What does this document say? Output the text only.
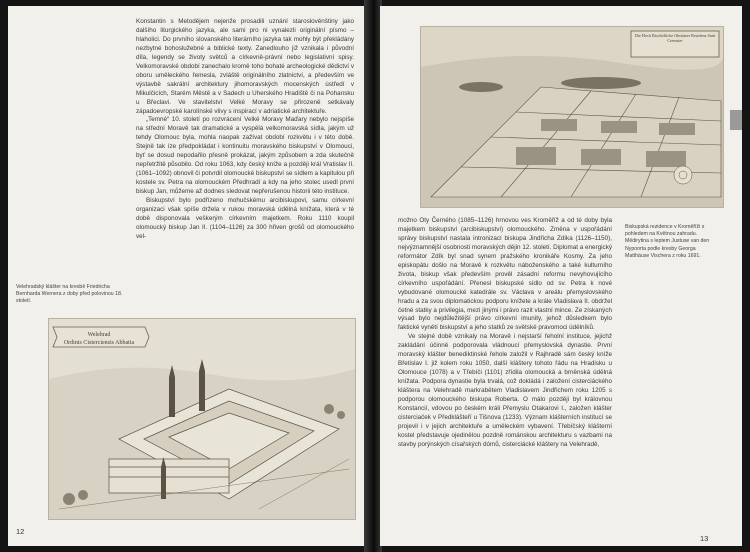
Konstantin s Metodějem nejenže prosadili uznání staroslověnštiny jako dalšího liturgického jazyka, ale sami pro ni vynalezli originální písmo – hlaholici. Do prvního slovanského literárního jazyka tak mohly být překládány nezbytné bohoslužebné a biblické texty. Zanedlouho již vznikala i původní díla, legendy se životy světců a církevně-právní nebo legislativní spisy. Velkomoravské období zanechalo kromě toho bohaté archeologické dědictví v oboru uměleckého řemesla, zvláště originálního zlatnictví, a především ve výstavbě sakrální architektury jihomoravských mocenských ústředí v Mikulčicích, Starém Městě a v Sadech u Uherského Hradiště či na Pohansku u Břeclavi. Ve stavitelství Velké Moravy se přirozeně setkávaly západoevropské karolínské vlivy s inspirací v adriatické architektuře.

„Temné“ 10. století po rozvrácení Velké Moravy Maďary nebylo nejspíše na střední Moravě tak dramatické a vyspělá velkomoravská sídla, jakým už tehdy Olomouc byla, mohla naopak zažívat období rozkvětu i v této době. Stejně tak íze předpokládat i kontinuitu moravského biskupství v Olomouci, byť se dosud nepodařilo přesně prokázat, jakým způsobem a zda skutečně nepřetržitě působilo. Od roku 1063, kdy český kníže a později král Vratislav II. (1061–1092) obnovil či potvrdil olomoucké biskupství se sídlem a kapitulou při kostele sv. Petra na olomouckém Předhradí a kdy na jeho stolec usedl první biskup Jan, můžeme až dodnes sledovat nepřerušenou historii této instituce.

Biskupství bylo podřízeno mohučskému arcibiskupovi, samu církevní organizaci však spíše držela v rukou moravská údělná knížata, která v té době disponovala veškerým církevním majetkem. Roku 1110 koupil olomoucký biskup Jan II. (1104–1126) za 300 hřiven grošů od olomouckého vel-

Velehradský klášter na kresbě Friedricha Bernharda Wernera z doby před polovinou 18. století.
Welehrad
Ordinis Cisterciensis Abbatia
12
Die Hoch Bischöfliche Olmützer Residenz Statt Cremsier

možno Oty Černého (1085–1126) hrnovou ves Kroměříž a od té doby byla majetkem biskupství (arcibiskupství) olomouckého. Změna v uspořádání správy biskupství nastala intronizací biskupa Jindřicha Zdíka (1126–1150), nejvýznamnější osobnosti moravských dějin 12. století. Diplomat a energický reformátor Zdík byl snad synem pražského kronikáře Kosmy. Za jeho episkopátu došlo na Moravě k rozkvětu náboženského a také kulturního života, biskup však především prověl zásadní reformu nevyhovujícího církevního uspořádání. Přenesl biskupské sídlo od sv. Petra k nové vybudované olomoucké katedrále sv. Václava v areálu přemyslovského hradu a za svou diplomatickou podporu knížete a krále Vladislava II. obdržel četné statky a privilegia, mezi jinými i právo razit vlastní mince. Ze získaných výsad bylo nejdůležitější právo církevní imunity, jehož důsledkem bylo faktické vynětí biskupství a jeho statků ze světské pravomoci údělníků.

Ve stejné době vznikaly na Moravě i nejstarší řeholní instituce, jejichž zakládání účinně podporovala vládnoucí přemyslovská dynastie. První moravský klášter benediktinské řehole založil v Rajhradě sám český kníže Břetislav I. již kolem roku 1050, další kláštery tohoto řádu na Hradisku u Olomouce (1078) a v Třebíči (1101) zřídila olomoucká a brněnská údělná knížata. Podpora dynastie byla trvalá, což dokládá i založení cisterciáckého kláštera na Velehradě markrabětem Vladislavem Jindřichem roku 1205 s podporou olomouckého biskupa Roberta. O málo později byl královnou Konstancií, vdovou po českém králi Přemyslu Otakarovi I., založen klášter cisterciaček v Předklášteří u Tišnova (1233). Význam klášterních institucí se projevil i v jejich architektuře a uměleckém vybavení. Třebíčský klášterní kostel představuje ojedinělou pozdně románskou architekturu s vazbami na stavby porýnských císařských dómů, cisterciácké kláštery na Velehradě,

Biskupská rezidence v Kroměříži s pohledem na Květnou zahradu. Mědirytina s leptem Justuse van den Nypoorta podle kresby Georga Matthäuse Vischera z roku 1691.
13
